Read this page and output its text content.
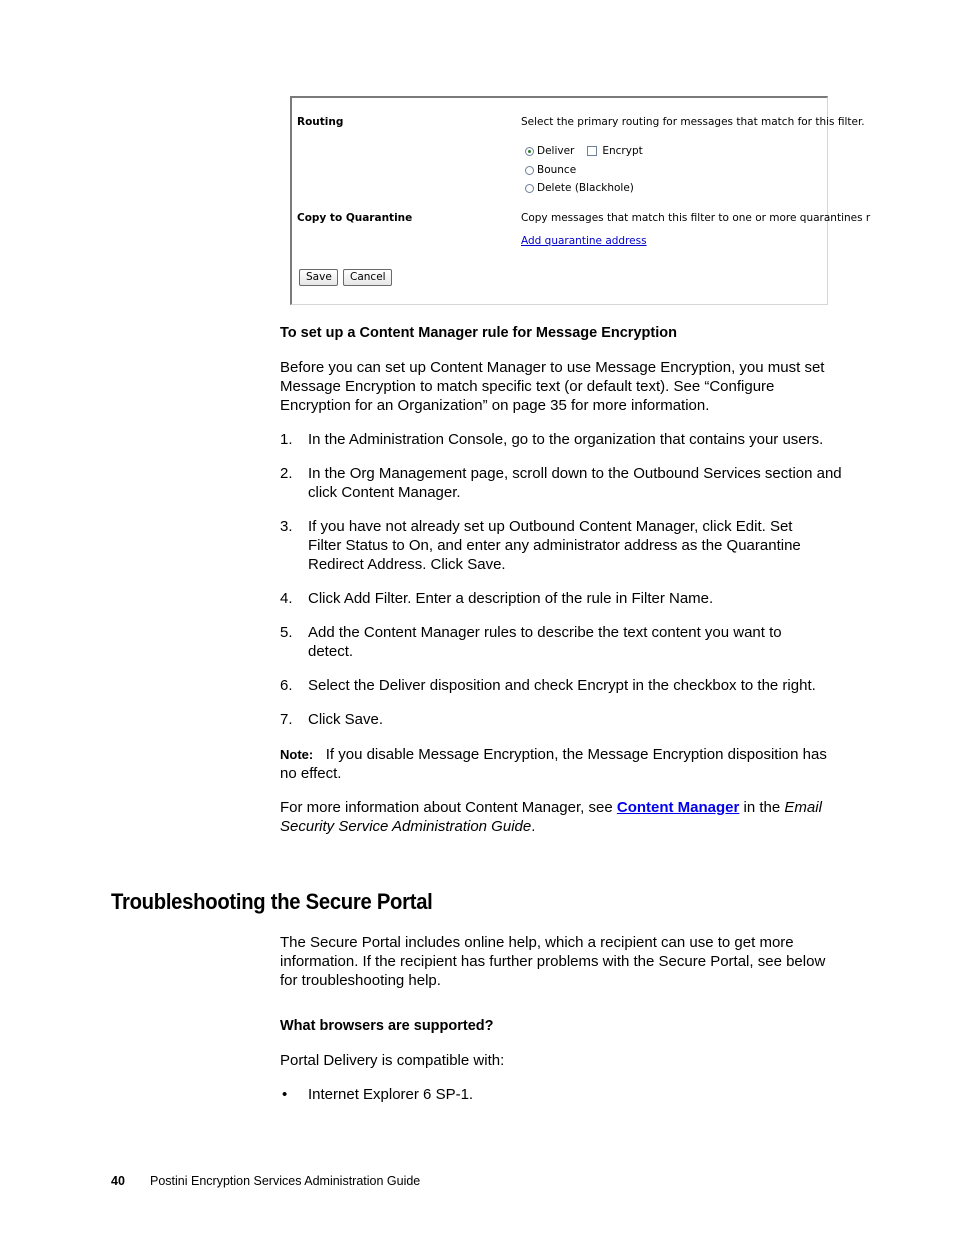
Routing	Select the primary routing for messages that match for this filter.
Deliver	Encrypt
Bounce
Delete (Blackhole)
Copy to Quarantine	Copy messages that match this filter to one or more quarantines r
Add quarantine address
Save	Cancel
To set up a Content Manager rule for Message Encryption
Before you can set up Content Manager to use Message Encryption, you must set Message Encryption to match specific text (or default text). See “Configure Encryption for an Organization” on page 35 for more information.
1. In the Administration Console, go to the organization that contains your users.
2. In the Org Management page, scroll down to the Outbound Services section and click Content Manager.
3. If you have not already set up Outbound Content Manager, click Edit. Set Filter Status to On, and enter any administrator address as the Quarantine Redirect Address. Click Save.
4. Click Add Filter. Enter a description of the rule in Filter Name.
5. Add the Content Manager rules to describe the text content you want to detect.
6. Select the Deliver disposition and check Encrypt in the checkbox to the right.
7. Click Save.
Note: If you disable Message Encryption, the Message Encryption disposition has no effect.
For more information about Content Manager, see Content Manager in the Email Security Service Administration Guide.
Troubleshooting the Secure Portal
The Secure Portal includes online help, which a recipient can use to get more information. If the recipient has further problems with the Secure Portal, see below for troubleshooting help.
What browsers are supported?
Portal Delivery is compatible with:
• Internet Explorer 6 SP-1.
40 Postini Encryption Services Administration Guide
